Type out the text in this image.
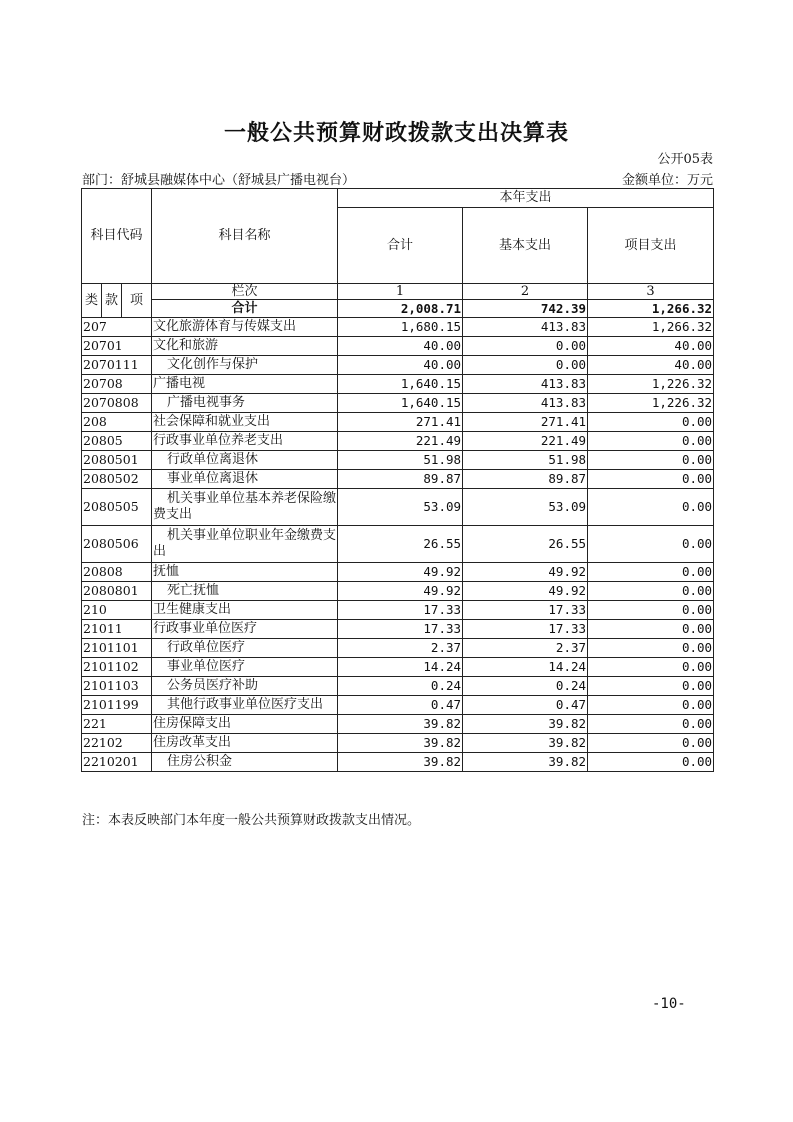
一般公共预算财政拨款支出决算表
公开05表
部门：舒城县融媒体中心（舒城县广播电视台）	金额单位：万元
科目代码			科目名称	本年支出		
				合计	基本支出	项目支出
类	款	项	栏次	1	2	3
			合计	2,008.71	742.39	1,266.32
207			文化旅游体育与传媒支出	1,680.15	413.83	1,266.32
20701			文化和旅游	40.00	0.00	40.00
2070111			文化创作与保护	40.00	0.00	40.00
20708			广播电视	1,640.15	413.83	1,226.32
2070808			广播电视事务	1,640.15	413.83	1,226.32
208			社会保障和就业支出	271.41	271.41	0.00
20805			行政事业单位养老支出	221.49	221.49	0.00
2080501			行政单位离退休	51.98	51.98	0.00
2080502			事业单位离退休	89.87	89.87	0.00
2080505			机关事业单位基本养老保险缴费支出	53.09	53.09	0.00
2080506			机关事业单位职业年金缴费支出	26.55	26.55	0.00
20808			抚恤	49.92	49.92	0.00
2080801			死亡抚恤	49.92	49.92	0.00
210			卫生健康支出	17.33	17.33	0.00
21011			行政事业单位医疗	17.33	17.33	0.00
2101101			行政单位医疗	2.37	2.37	0.00
2101102			事业单位医疗	14.24	14.24	0.00
2101103			公务员医疗补助	0.24	0.24	0.00
2101199			其他行政事业单位医疗支出	0.47	0.47	0.00
221			住房保障支出	39.82	39.82	0.00
22102			住房改革支出	39.82	39.82	0.00
2210201			住房公积金	39.82	39.82	0.00
注：本表反映部门本年度一般公共预算财政拨款支出情况。
-10-
